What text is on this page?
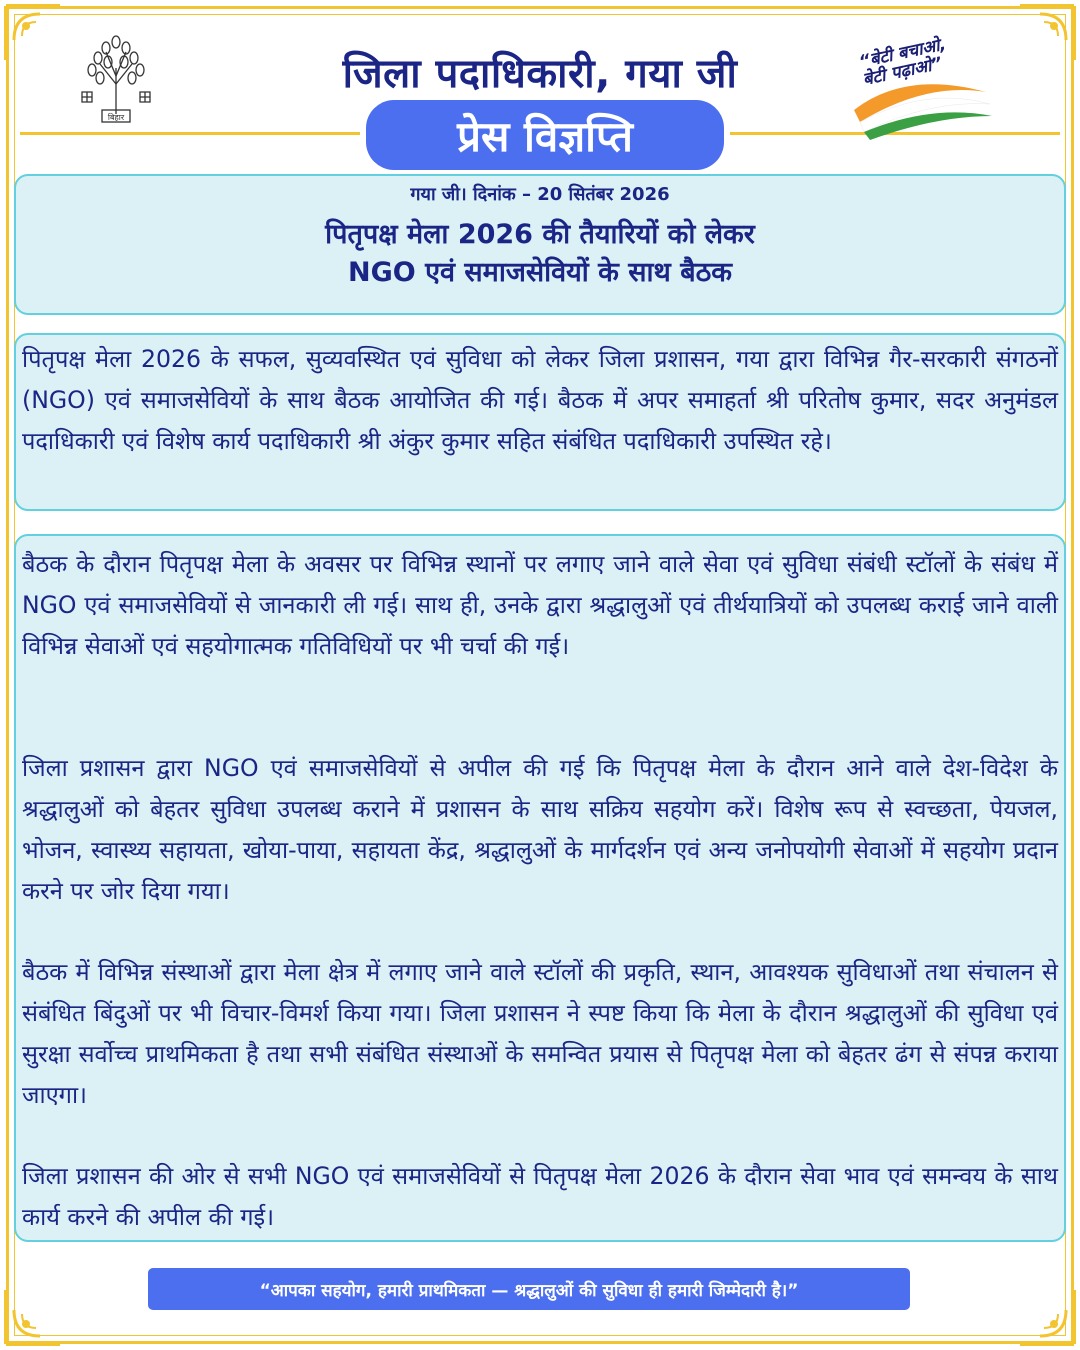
बिहार
जिला पदाधिकारी, गया जी
प्रेस विज्ञप्ति
“बेटी बचाओ, बेटी पढ़ाओ”
गया जी। दिनांक – 20 सितंबर 2026
पितृपक्ष मेला 2026 की तैयारियों को लेकर
NGO एवं समाजसेवियों के साथ बैठक
पितृपक्ष मेला 2026 के सफल, सुव्यवस्थित एवं सुविधा को लेकर जिला प्रशासन, गया द्वारा विभिन्न गैर-सरकारी संगठनों (NGO) एवं समाजसेवियों के साथ बैठक आयोजित की गई। बैठक में अपर समाहर्ता श्री परितोष कुमार, सदर अनुमंडल पदाधिकारी एवं विशेष कार्य पदाधिकारी श्री अंकुर कुमार सहित संबंधित पदाधिकारी उपस्थित रहे।
बैठक के दौरान पितृपक्ष मेला के अवसर पर विभिन्न स्थानों पर लगाए जाने वाले सेवा एवं सुविधा संबंधी स्टॉलों के संबंध में NGO एवं समाजसेवियों से जानकारी ली गई। साथ ही, उनके द्वारा श्रद्धालुओं एवं तीर्थयात्रियों को उपलब्ध कराई जाने वाली विभिन्न सेवाओं एवं सहयोगात्मक गतिविधियों पर भी चर्चा की गई।
जिला प्रशासन द्वारा NGO एवं समाजसेवियों से अपील की गई कि पितृपक्ष मेला के दौरान आने वाले देश-विदेश के श्रद्धालुओं को बेहतर सुविधा उपलब्ध कराने में प्रशासन के साथ सक्रिय सहयोग करें। विशेष रूप से स्वच्छता, पेयजल, भोजन, स्वास्थ्य सहायता, खोया-पाया, सहायता केंद्र, श्रद्धालुओं के मार्गदर्शन एवं अन्य जनोपयोगी सेवाओं में सहयोग प्रदान करने पर जोर दिया गया।
बैठक में विभिन्न संस्थाओं द्वारा मेला क्षेत्र में लगाए जाने वाले स्टॉलों की प्रकृति, स्थान, आवश्यक सुविधाओं तथा संचालन से संबंधित बिंदुओं पर भी विचार-विमर्श किया गया। जिला प्रशासन ने स्पष्ट किया कि मेला के दौरान श्रद्धालुओं की सुविधा एवं सुरक्षा सर्वोच्च प्राथमिकता है तथा सभी संबंधित संस्थाओं के समन्वित प्रयास से पितृपक्ष मेला को बेहतर ढंग से संपन्न कराया जाएगा।
जिला प्रशासन की ओर से सभी NGO एवं समाजसेवियों से पितृपक्ष मेला 2026 के दौरान सेवा भाव एवं समन्वय के साथ कार्य करने की अपील की गई।
“आपका सहयोग, हमारी प्राथमिकता — श्रद्धालुओं की सुविधा ही हमारी जिम्मेदारी है।”
